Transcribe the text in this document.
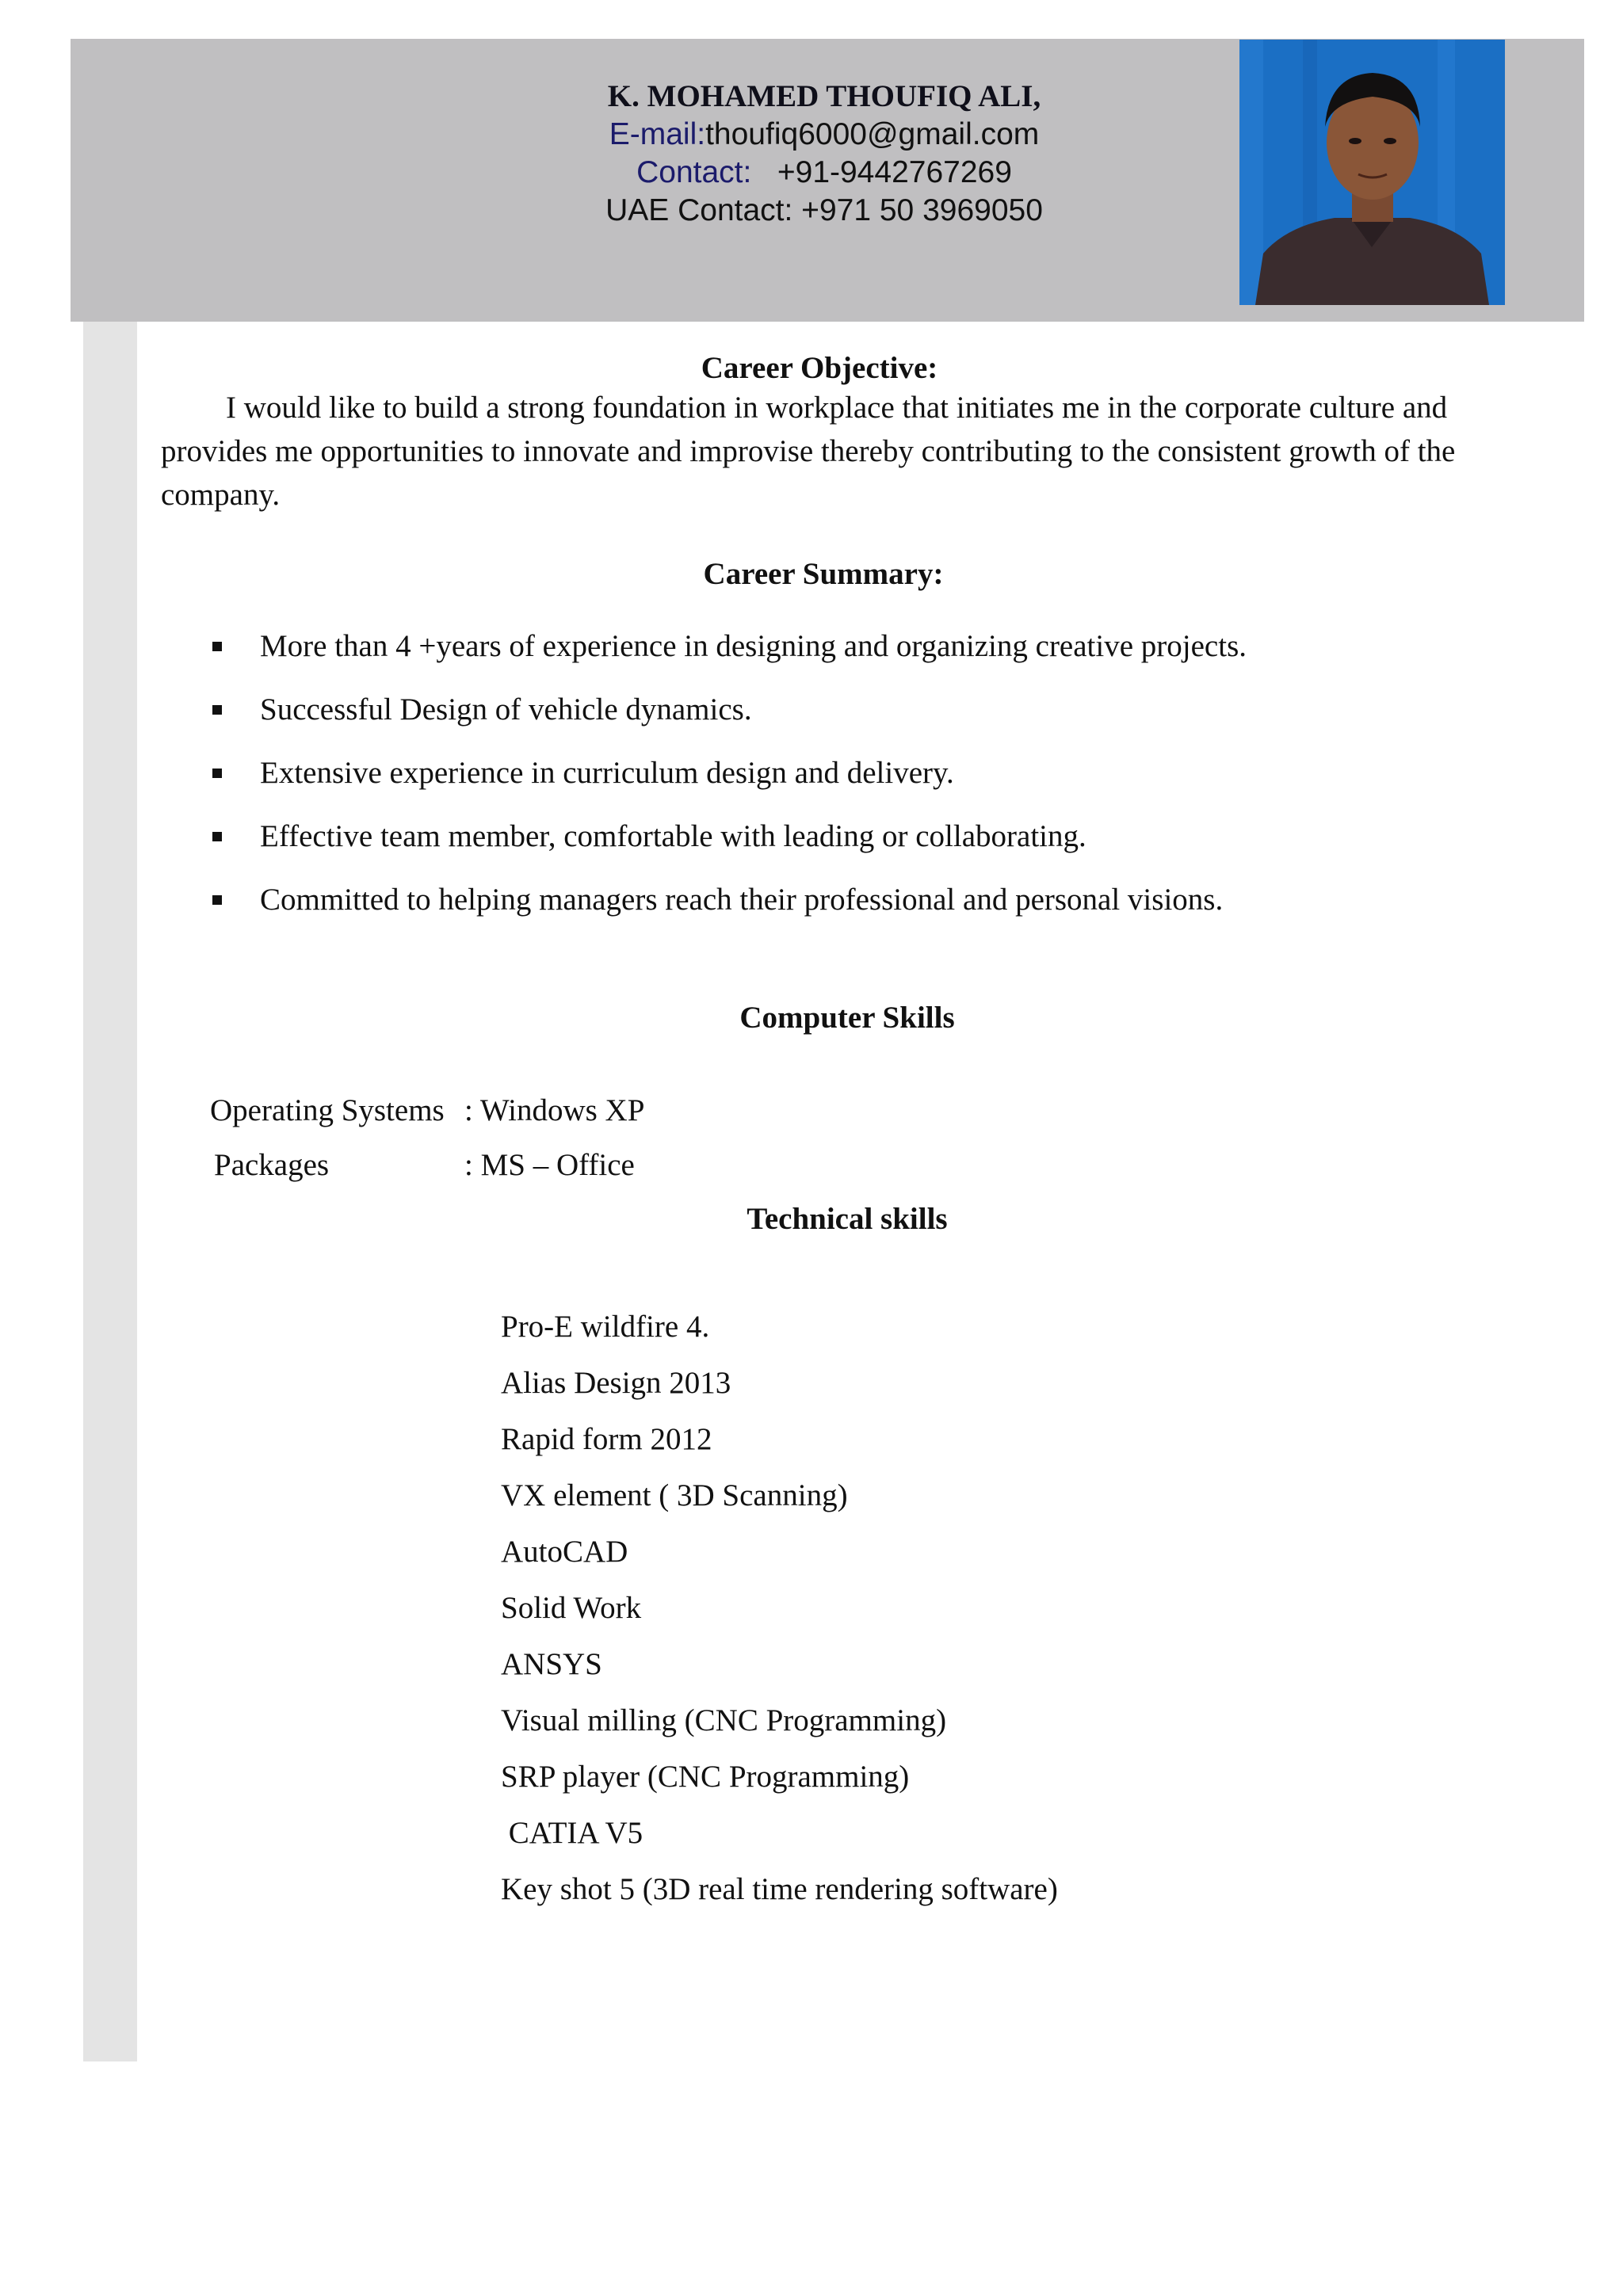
K. MOHAMED THOUFIQ ALI,
E-mail:thoufiq6000@gmail.com
Contact:   +91-9442767269
UAE Contact: +971 50 3969050
Career Objective:
I would like to build a strong foundation in workplace that initiates me in the corporate culture and provides me opportunities to innovate and improvise thereby contributing to the consistent growth of the company.
Career Summary:
More than 4 +years of experience in designing and organizing creative projects.
Successful Design of vehicle dynamics.
Extensive experience in curriculum design and delivery.
Effective team member, comfortable with leading or collaborating.
Committed to helping managers reach their professional and personal visions.
Computer Skills
Operating Systems : Windows XP
Packages	: MS – Office
Technical skills
Pro-E wildfire 4.
Alias Design 2013
Rapid form 2012
VX element ( 3D Scanning)
AutoCAD
Solid Work
ANSYS
Visual milling (CNC Programming)
SRP player (CNC Programming)
CATIA V5
Key shot 5 (3D real time rendering software)
